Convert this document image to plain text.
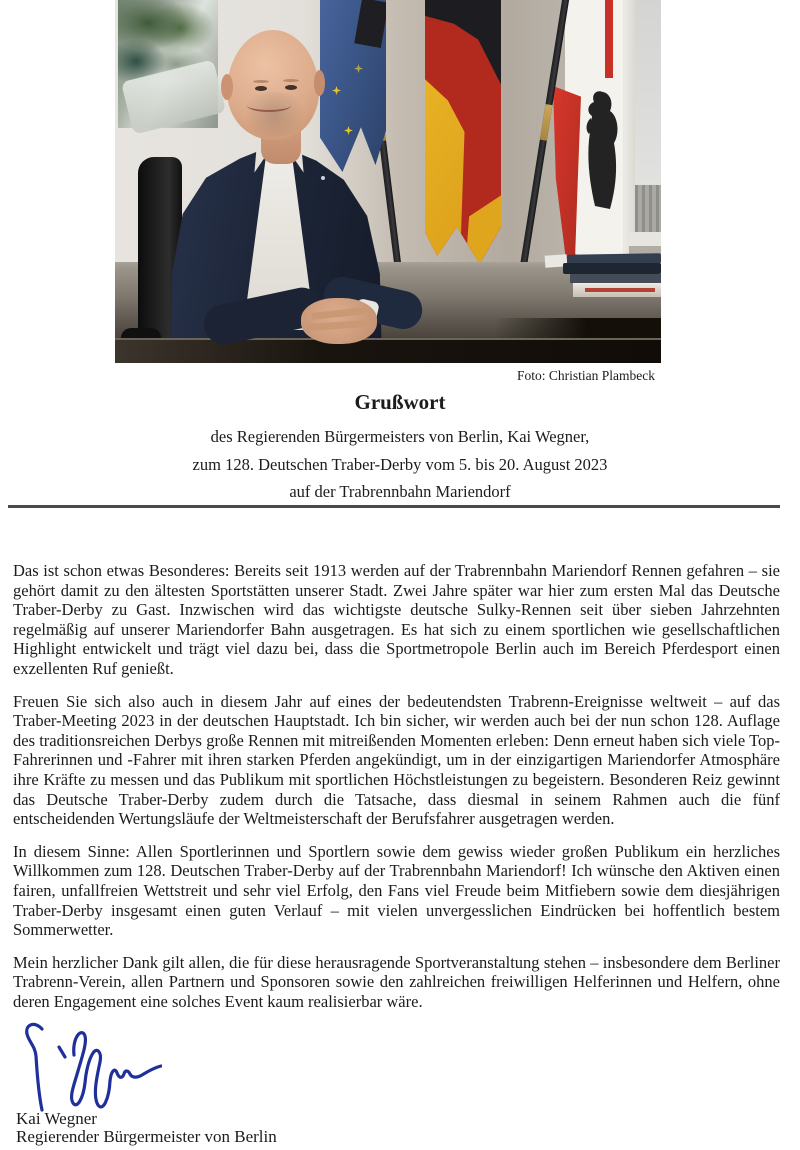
Foto: Christian Plambeck
Grußwort
des Regierenden Bürgermeisters von Berlin, Kai Wegner,
zum 128. Deutschen Traber-Derby vom 5. bis 20. August 2023
auf der Trabrennbahn Mariendorf

Das ist schon etwas Besonderes: Bereits seit 1913 werden auf der Trabrennbahn Mariendorf Rennen gefahren – sie gehört damit zu den ältesten Sportstätten unserer Stadt. Zwei Jahre später war hier zum ersten Mal das Deutsche Traber-Derby zu Gast. Inzwischen wird das wichtigste deutsche Sulky-Rennen seit über sieben Jahrzehnten regelmäßig auf unserer Mariendorfer Bahn ausgetragen. Es hat sich zu einem sportlichen wie gesellschaftlichen Highlight entwickelt und trägt viel dazu bei, dass die Sportmetropole Berlin auch im Bereich Pferdesport einen exzellenten Ruf genießt.

Freuen Sie sich also auch in diesem Jahr auf eines der bedeutendsten Trabrenn-Ereignisse weltweit – auf das Traber-Meeting 2023 in der deutschen Hauptstadt. Ich bin sicher, wir werden auch bei der nun schon 128. Auflage des traditionsreichen Derbys große Rennen mit mitreißenden Momenten erleben: Denn erneut haben sich viele Top-Fahrerinnen und -Fahrer mit ihren starken Pferden angekündigt, um in der einzigartigen Mariendorfer Atmosphäre ihre Kräfte zu messen und das Publikum mit sportlichen Höchstleistungen zu begeistern. Besonderen Reiz gewinnt das Deutsche Traber-Derby zudem durch die Tatsache, dass diesmal in seinem Rahmen auch die fünf entscheidenden Wertungsläufe der Weltmeisterschaft der Berufsfahrer ausgetragen werden.

In diesem Sinne: Allen Sportlerinnen und Sportlern sowie dem gewiss wieder großen Publikum ein herzliches Willkommen zum 128. Deutschen Traber-Derby auf der Trabrennbahn Mariendorf! Ich wünsche den Aktiven einen fairen, unfallfreien Wettstreit und sehr viel Erfolg, den Fans viel Freude beim Mitfiebern sowie dem diesjährigen Traber-Derby insgesamt einen guten Verlauf – mit vielen unvergesslichen Eindrücken bei hoffentlich bestem Sommerwetter.

Mein herzlicher Dank gilt allen, die für diese herausragende Sportveranstaltung stehen – insbesondere dem Berliner Trabrenn-Verein, allen Partnern und Sponsoren sowie den zahlreichen freiwilligen Helferinnen und Helfern, ohne deren Engagement eine solches Event kaum realisierbar wäre.

Kai Wegner
Regierender Bürgermeister von Berlin
